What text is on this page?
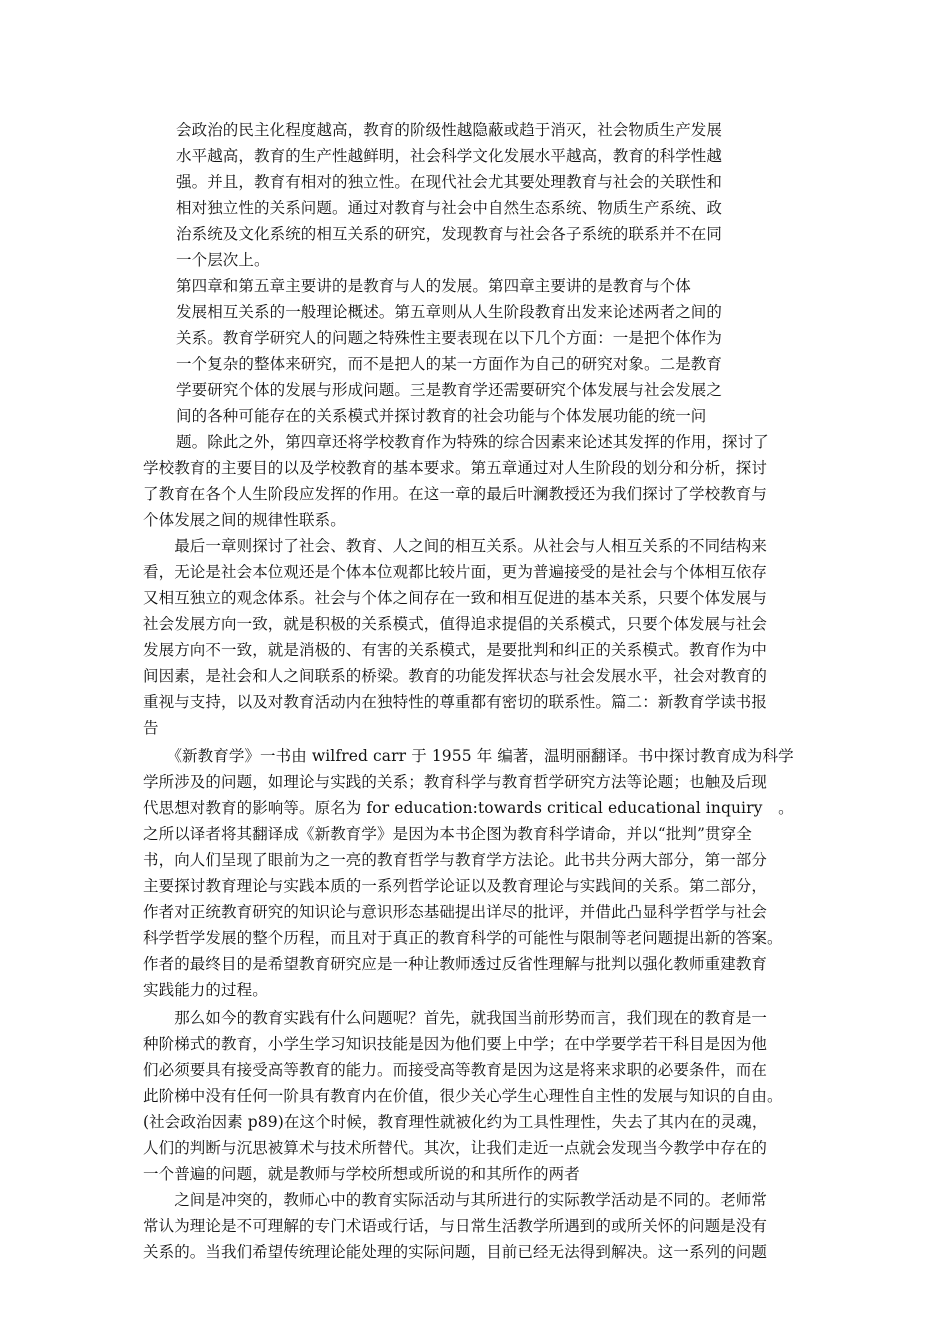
会政治的民主化程度越高，教育的阶级性越隐蔽或趋于消灭，社会物质生产发展
水平越高，教育的生产性越鲜明，社会科学文化发展水平越高，教育的科学性越
强。并且，教育有相对的独立性。在现代社会尤其要处理教育与社会的关联性和
相对独立性的关系问题。通过对教育与社会中自然生态系统、物质生产系统、政
治系统及文化系统的相互关系的研究，发现教育与社会各子系统的联系并不在同
一个层次上。
第四章和第五章主要讲的是教育与人的发展。第四章主要讲的是教育与个体
发展相互关系的一般理论概述。第五章则从人生阶段教育出发来论述两者之间的
关系。教育学研究人的问题之特殊性主要表现在以下几个方面：一是把个体作为
一个复杂的整体来研究，而不是把人的某一方面作为自己的研究对象。二是教育
学要研究个体的发展与形成问题。三是教育学还需要研究个体发展与社会发展之
间的各种可能存在的关系模式并探讨教育的社会功能与个体发展功能的统一问
题。除此之外，第四章还将学校教育作为特殊的综合因素来论述其发挥的作用，探讨了
学校教育的主要目的以及学校教育的基本要求。第五章通过对人生阶段的划分和分析，探讨
了教育在各个人生阶段应发挥的作用。在这一章的最后叶澜教授还为我们探讨了学校教育与
个体发展之间的规律性联系。
　　最后一章则探讨了社会、教育、人之间的相互关系。从社会与人相互关系的不同结构来
看，无论是社会本位观还是个体本位观都比较片面，更为普遍接受的是社会与个体相互依存
又相互独立的观念体系。社会与个体之间存在一致和相互促进的基本关系，只要个体发展与
社会发展方向一致，就是积极的关系模式，值得追求提倡的关系模式，只要个体发展与社会
发展方向不一致，就是消极的、有害的关系模式，是要批判和纠正的关系模式。教育作为中
间因素，是社会和人之间联系的桥梁。教育的功能发挥状态与社会发展水平，社会对教育的
重视与支持，以及对教育活动内在独特性的尊重都有密切的联系性。篇二：新教育学读书报
告
　　《新教育学》一书由 wilfred carr 于 1955 年 编著，温明丽翻译。书中探讨教育成为科学
学所涉及的问题，如理论与实践的关系；教育科学与教育哲学研究方法等论题；也触及后现
代思想对教育的影响等。原名为 for education:towards critical educational inquiry　。
之所以译者将其翻译成《新教育学》是因为本书企图为教育科学请命，并以“批判”贯穿全
书，向人们呈现了眼前为之一亮的教育哲学与教育学方法论。此书共分两大部分，第一部分
主要探讨教育理论与实践本质的一系列哲学论证以及教育理论与实践间的关系。第二部分，
作者对正统教育研究的知识论与意识形态基础提出详尽的批评，并借此凸显科学哲学与社会
科学哲学发展的整个历程，而且对于真正的教育科学的可能性与限制等老问题提出新的答案。
作者的最终目的是希望教育研究应是一种让教师透过反省性理解与批判以强化教师重建教育
实践能力的过程。
　　那么如今的教育实践有什么问题呢？首先，就我国当前形势而言，我们现在的教育是一
种阶梯式的教育，小学生学习知识技能是因为他们要上中学；在中学要学若干科目是因为他
们必须要具有接受高等教育的能力。而接受高等教育是因为这是将来求职的必要条件，而在
此阶梯中没有任何一阶具有教育内在价值，很少关心学生心理性自主性的发展与知识的自由。
(社会政治因素 p89)在这个时候，教育理性就被化约为工具性理性，失去了其内在的灵魂，
人们的判断与沉思被算术与技术所替代。其次，让我们走近一点就会发现当今教学中存在的
一个普遍的问题，就是教师与学校所想或所说的和其所作的两者
　　之间是冲突的，教师心中的教育实际活动与其所进行的实际教学活动是不同的。老师常
常认为理论是不可理解的专门术语或行话，与日常生活教学所遇到的或所关怀的问题是没有
关系的。当我们希望传统理论能处理的实际问题，目前已经无法得到解决。这一系列的问题
